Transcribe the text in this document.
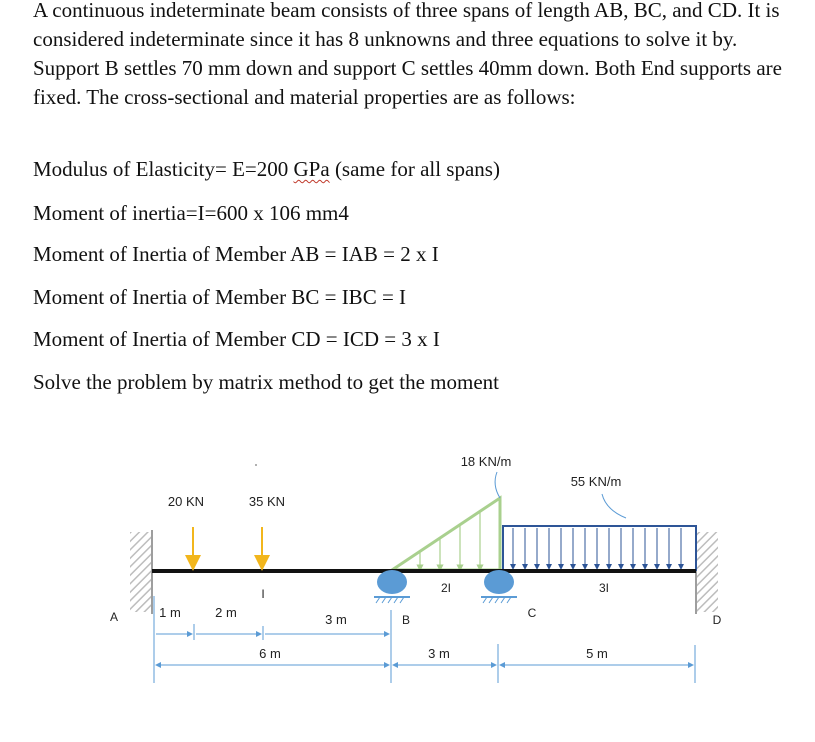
A continuous indeterminate beam consists of three spans of length AB, BC, and CD. It is considered indeterminate since it has 8 unknowns and three equations to solve it by. Support B settles 70 mm down and support C settles 40mm down. Both End supports are fixed. The cross-sectional and material properties are as follows:

Modulus of Elasticity= E=200 GPa (same for all spans)
Moment of inertia=I=600 x 106 mm4
Moment of Inertia of Member AB = IAB = 2 x I
Moment of Inertia of Member BC = IBC = I
Moment of Inertia of Member CD = ICD = 3 x I
Solve the problem by matrix method to get the moment
20 KN	35 KN
18 KN/m
55 KN/m
I	2I	3I
A	B	C	D
1 m	2 m	3 m
6 m	3 m	5 m
